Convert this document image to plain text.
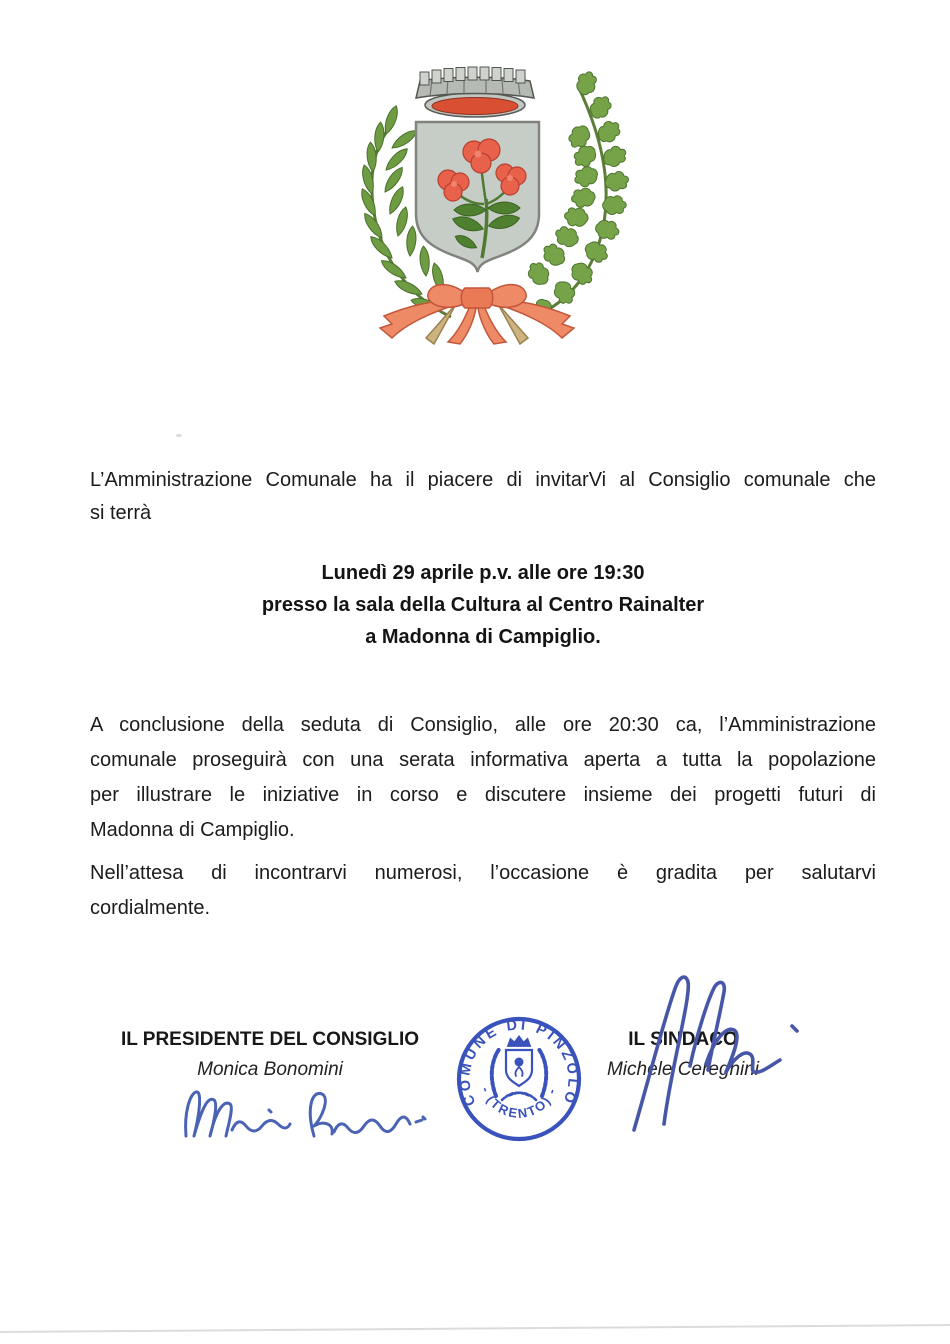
L’Amministrazione Comunale ha il piacere di invitarVi al Consiglio comunale che
si terrà
Lunedì 29 aprile p.v. alle ore 19:30
presso la sala della Cultura al Centro Rainalter
a Madonna di Campiglio.
A conclusione della seduta di Consiglio, alle ore 20:30 ca, l’Amministrazione
comunale proseguirà con una serata informativa aperta a tutta la popolazione
per illustrare le iniziative in corso e discutere insieme dei progetti futuri di
Madonna di Campiglio.
Nell’attesa di incontrarvi numerosi, l’occasione è gradita per salutarvi
cordialmente.
IL PRESIDENTE DEL CONSIGLIO
Monica Bonomini
COMUNE DI PINZOLO
- (TRENTO) -
IL SINDACO
Michele Cereghini
